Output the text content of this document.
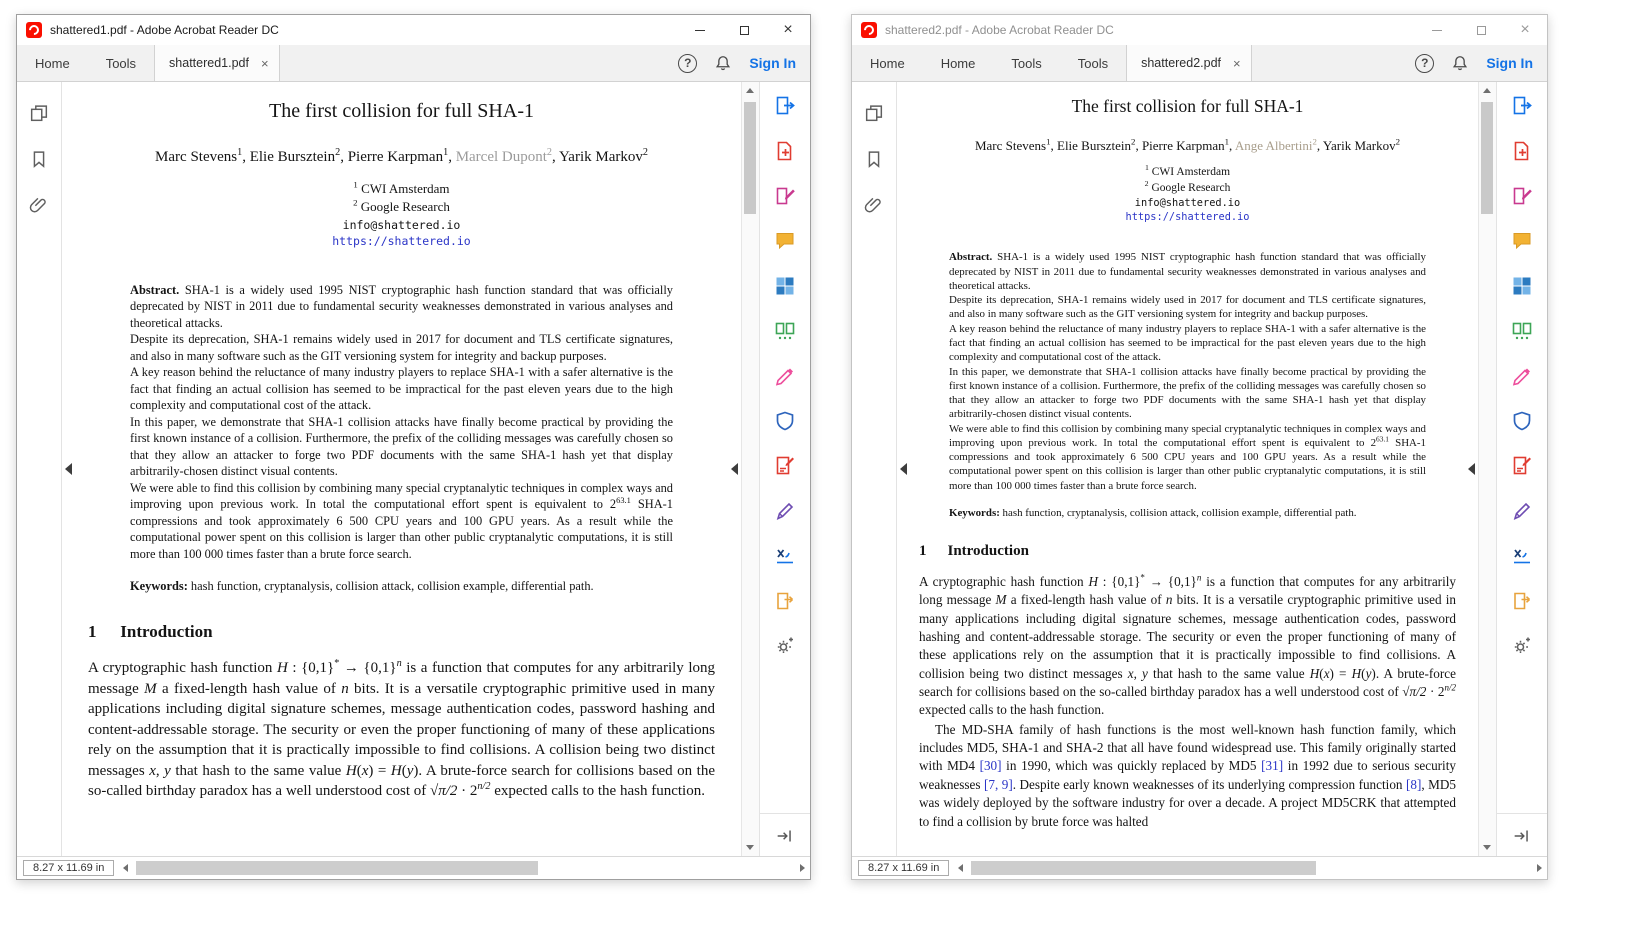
shattered1.pdf - Adobe Acrobat Reader DC	×
Home	Tools	shattered1.pdf ×	?	Sign In
The first collision for full SHA-1
Marc Stevens$^1$, Elie Bursztein$^2$, Pierre Karpman$^1$, Marcel Dupont$^2$, Yarik Markov$^2$
$^1$ CWI Amsterdam
$^2$ Google Research
info@shattered.io
https://shattered.io

Abstract. SHA-1 is a widely used 1995 NIST cryptographic hash function standard that was officially deprecated by NIST in 2011 due to fundamental security weaknesses demonstrated in various analyses and theoretical attacks.

Despite its deprecation, SHA-1 remains widely used in 2017 for document and TLS certificate signatures, and also in many software such as the GIT versioning system for integrity and backup purposes.

A key reason behind the reluctance of many industry players to replace SHA-1 with a safer alternative is the fact that finding an actual collision has seemed to be impractical for the past eleven years due to the high complexity and computational cost of the attack.

In this paper, we demonstrate that SHA-1 collision attacks have finally become practical by providing the first known instance of a collision. Furthermore, the prefix of the colliding messages was carefully chosen so that they allow an attacker to forge two PDF documents with the same SHA-1 hash yet that display arbitrarily-chosen distinct visual contents.

We were able to find this collision by combining many special cryptanalytic techniques in complex ways and improving upon previous work. In total the computational effort spent is equivalent to $2^{63.1}$ SHA-1 compressions and took approximately 6 500 CPU years and 100 GPU years. As a result while the computational power spent on this collision is larger than other public cryptanalytic computations, it is still more than 100 000 times faster than a brute force search.

Keywords: hash function, cryptanalysis, collision attack, collision example, differential path.
1 Introduction

A cryptographic hash function H : $\{0,1\}^* \to \{0,1\}^n$ is a function that computes for any arbitrarily long message M a fixed-length hash value of n bits. It is a versatile cryptographic primitive used in many applications including digital signature schemes, message authentication codes, password hashing and content-addressable storage. The security or even the proper functioning of many of these applications rely on the assumption that it is practically impossible to find collisions. A collision being two distinct messages x, y that hash to the same value H(x) = H(y). A brute-force search for collisions based on the so-called birthday paradox has a well understood cost of $√\pi/2 \cdot 2^{n/2}$ expected calls to the hash function.

8.27 x 11.69 in
shattered2.pdf - Adobe Acrobat Reader DC	×
Home	Home	Tools	Tools	shattered2.pdf ×	?	Sign In
The first collision for full SHA-1
Marc Stevens$^1$, Elie Bursztein$^2$, Pierre Karpman$^1$, Ange Albertini$^2$, Yarik Markov$^2$
$^1$ CWI Amsterdam
$^2$ Google Research
info@shattered.io
https://shattered.io

Abstract. SHA-1 is a widely used 1995 NIST cryptographic hash function standard that was officially deprecated by NIST in 2011 due to fundamental security weaknesses demonstrated in various analyses and theoretical attacks.

Despite its deprecation, SHA-1 remains widely used in 2017 for document and TLS certificate signatures, and also in many software such as the GIT versioning system for integrity and backup purposes.

A key reason behind the reluctance of many industry players to replace SHA-1 with a safer alternative is the fact that finding an actual collision has seemed to be impractical for the past eleven years due to the high complexity and computational cost of the attack.

In this paper, we demonstrate that SHA-1 collision attacks have finally become practical by providing the first known instance of a collision. Furthermore, the prefix of the colliding messages was carefully chosen so that they allow an attacker to forge two PDF documents with the same SHA-1 hash yet that display arbitrarily-chosen distinct visual contents.

We were able to find this collision by combining many special cryptanalytic techniques in complex ways and improving upon previous work. In total the computational effort spent is equivalent to $2^{63.1}$ SHA-1 compressions and took approximately 6 500 CPU years and 100 GPU years. As a result while the computational power spent on this collision is larger than other public cryptanalytic computations, it is still more than 100 000 times faster than a brute force search.

Keywords: hash function, cryptanalysis, collision attack, collision example, differential path.
1 Introduction

A cryptographic hash function H : $\{0,1\}^* \to \{0,1\}^n$ is a function that computes for any arbitrarily long message M a fixed-length hash value of n bits. It is a versatile cryptographic primitive used in many applications including digital signature schemes, message authentication codes, password hashing and content-addressable storage. The security or even the proper functioning of many of these applications rely on the assumption that it is practically impossible to find collisions. A collision being two distinct messages x, y that hash to the same value H(x) = H(y). A brute-force search for collisions based on the so-called birthday paradox has a well understood cost of $√\pi/2 \cdot 2^{n/2}$ expected calls to the hash function.

The MD-SHA family of hash functions is the most well-known hash function family, which includes MD5, SHA-1 and SHA-2 that all have found widespread use. This family originally started with MD4 [30] in 1990, which was quickly replaced by MD5 [31] in 1992 due to serious security weaknesses [7, 9]. Despite early known weaknesses of its underlying compression function [8], MD5 was widely deployed by the software industry for over a decade. A project MD5CRK that attempted to find a collision by brute force was halted

8.27 x 11.69 in
